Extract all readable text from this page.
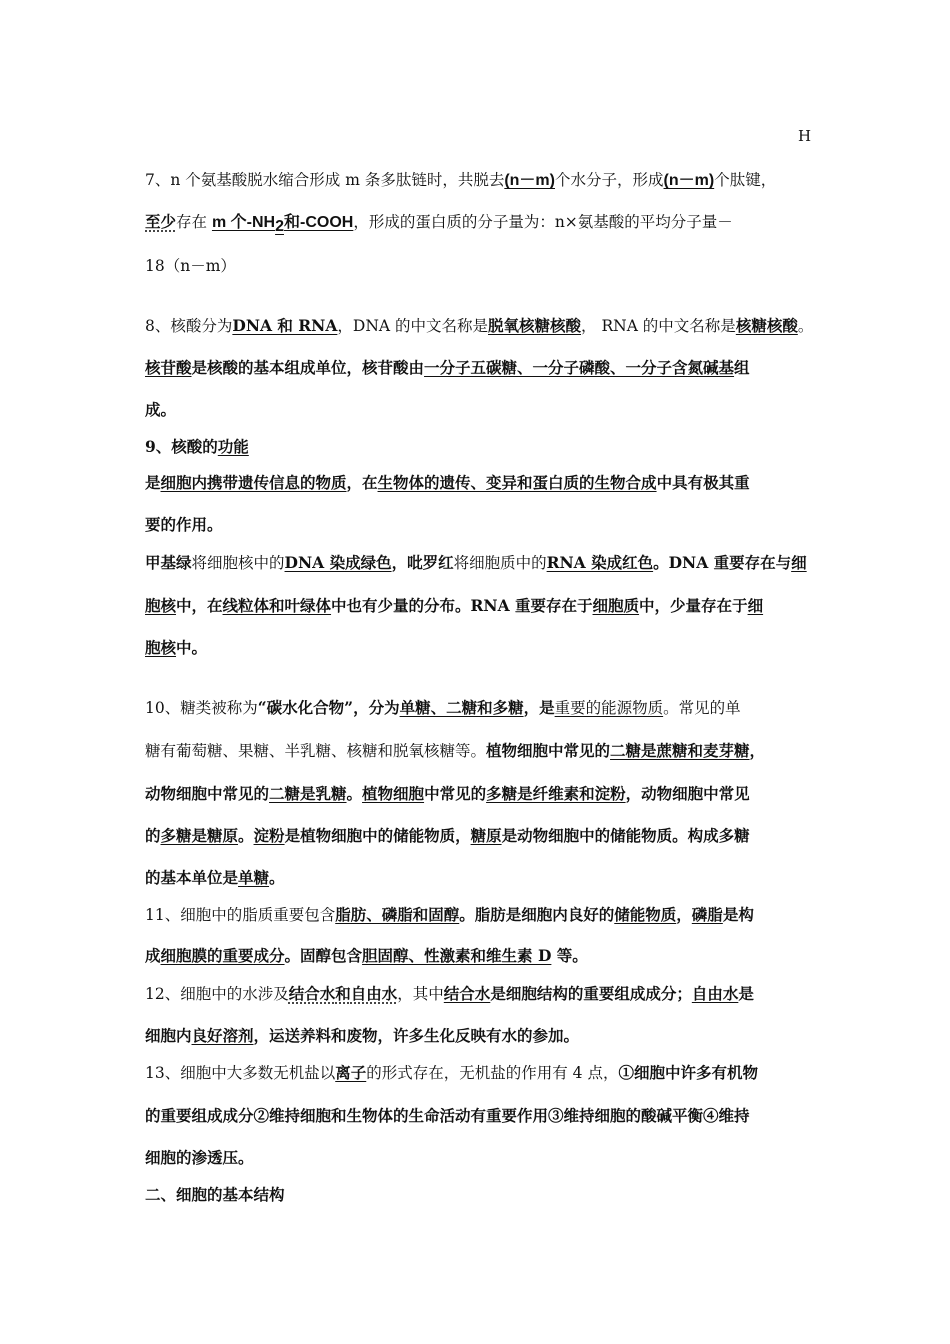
H
7、n 个氨基酸脱水缩合形成 m 条多肽链时，共脱去(n－m)个水分子，形成(n－m)个肽键，
至少存在 m 个$-NH_2$和-COOH，形成的蛋白质的分子量为：n×氨基酸的平均分子量－
18（n－m）
8、核酸分为DNA 和 RNA，DNA 的中文名称是脱氧核糖核酸， RNA 的中文名称是核糖核酸。
核苷酸是核酸的基本组成单位，核苷酸由一分子五碳糖、一分子磷酸、一分子含氮碱基组
成。
9、核酸的功能
是细胞内携带遗传信息的物质，在生物体的遗传、变异和蛋白质的生物合成中具有极其重
要的作用。
甲基绿将细胞核中的DNA 染成绿色，吡罗红将细胞质中的RNA 染成红色。DNA 重要存在与细
胞核中，在线粒体和叶绿体中也有少量的分布。RNA 重要存在于细胞质中，少量存在于细
胞核中。
10、糖类被称为“碳水化合物”，分为单糖、二糖和多糖，是重要的能源物质。常见的单
糖有葡萄糖、果糖、半乳糖、核糖和脱氧核糖等。植物细胞中常见的二糖是蔗糖和麦芽糖，
动物细胞中常见的二糖是乳糖。植物细胞中常见的多糖是纤维素和淀粉，动物细胞中常见
的多糖是糖原。淀粉是植物细胞中的储能物质，糖原是动物细胞中的储能物质。构成多糖
的基本单位是单糖。
11、细胞中的脂质重要包含脂肪、磷脂和固醇。脂肪是细胞内良好的储能物质，磷脂是构
成细胞膜的重要成分。固醇包含胆固醇、性激素和维生素 D 等。
12、细胞中的水涉及结合水和自由水，其中结合水是细胞结构的重要组成成分；自由水是
细胞内良好溶剂，运送养料和废物，许多生化反映有水的参加。
13、细胞中大多数无机盐以离子的形式存在，无机盐的作用有 4 点，①细胞中许多有机物
的重要组成成分②维持细胞和生物体的生命活动有重要作用③维持细胞的酸碱平衡④维持
细胞的渗透压。
二、细胞的基本结构
